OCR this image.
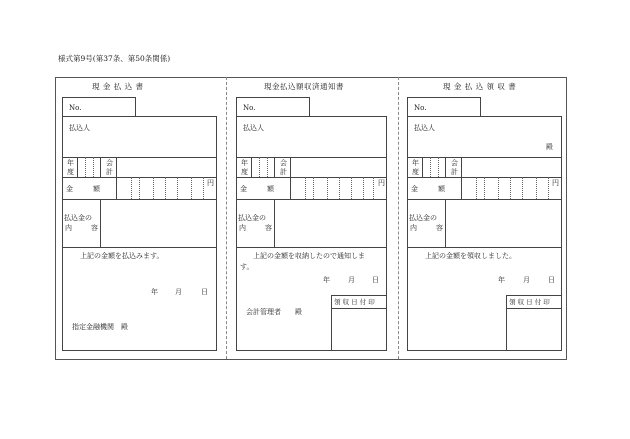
様式第9号(第37条、第50条関係)
現 金 払 込 書
No.
払込人
年
度
会
計
金	額
円
払込金の
内	容
上記の金額を払込みます。
年 月	日
指定金融機関　殿
現金払込額収済通知書
No.
払込人
年
度
会
計
金	額
円
払込金の
内	容
上記の金額を収納したので通知しま
す。
年	月 日
会計管理者　　殿
領 収 日 付 印
現 金 払 込 領 収 書
No.
払込人
殿
年
度
会
計
金	額
円
払込金の
内	容
上記の金額を領収しました。
年	月	日
領 収 日 付 印
